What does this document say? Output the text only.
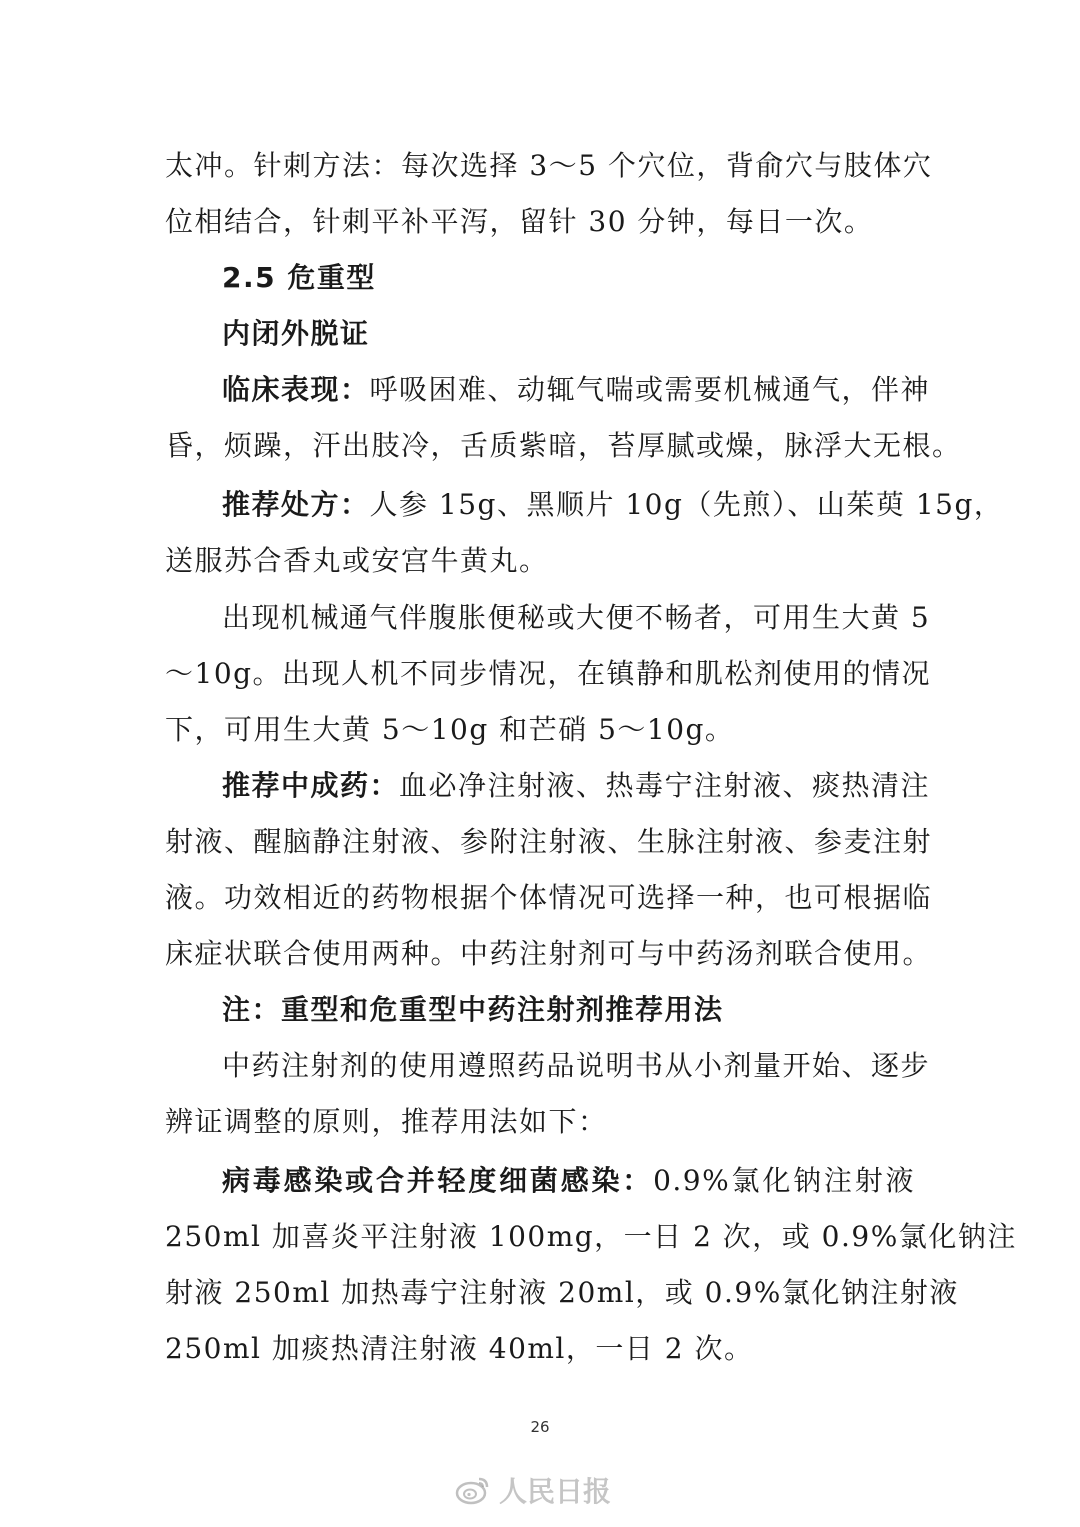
太冲。针刺方法：每次选择 3～5 个穴位，背俞穴与肢体穴
位相结合，针刺平补平泻，留针 30 分钟，每日一次。
2.5 危重型
内闭外脱证
临床表现：呼吸困难、动辄气喘或需要机械通气，伴神
昏，烦躁，汗出肢冷，舌质紫暗，苔厚腻或燥，脉浮大无根。
推荐处方：人参 15g、黑顺片 10g（先煎）、山茱萸 15g，
送服苏合香丸或安宫牛黄丸。
出现机械通气伴腹胀便秘或大便不畅者，可用生大黄 5
～10g。出现人机不同步情况，在镇静和肌松剂使用的情况
下，可用生大黄 5～10g 和芒硝 5～10g。
推荐中成药：血必净注射液、热毒宁注射液、痰热清注
射液、醒脑静注射液、参附注射液、生脉注射液、参麦注射
液。功效相近的药物根据个体情况可选择一种，也可根据临
床症状联合使用两种。中药注射剂可与中药汤剂联合使用。
注：重型和危重型中药注射剂推荐用法
中药注射剂的使用遵照药品说明书从小剂量开始、逐步
辨证调整的原则，推荐用法如下：
病毒感染或合并轻度细菌感染：0.9%氯化钠注射液
250ml 加喜炎平注射液 100mg，一日 2 次，或 0.9%氯化钠注
射液 250ml 加热毒宁注射液 20ml，或 0.9%氯化钠注射液
250ml 加痰热清注射液 40ml，一日 2 次。
26
人民日报
